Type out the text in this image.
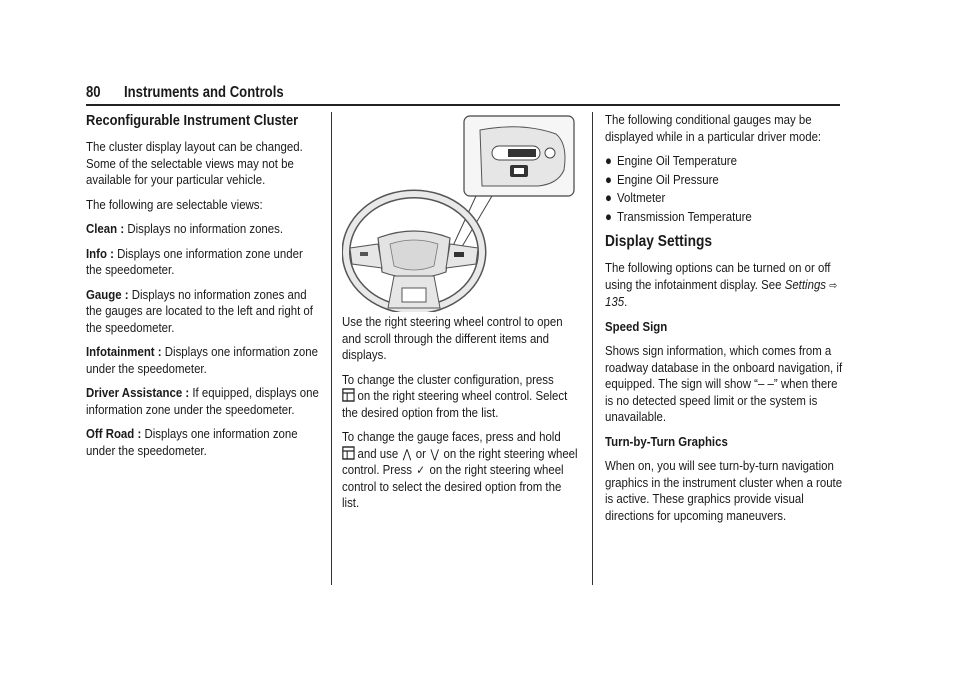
80 Instruments and Controls
Reconfigurable Instrument Cluster

The cluster display layout can be changed. Some of the selectable views may not be available for your particular vehicle.

The following are selectable views:

Clean : Displays no information zones.

Info : Displays one information zone under the speedometer.

Gauge : Displays no information zones and the gauges are located to the left and right of the speedometer.

Infotainment : Displays one information zone under the speedometer.

Driver Assistance : If equipped, displays one information zone under the speedometer.

Off Road : Displays one information zone under the speedometer.

Use the right steering wheel control to open and scroll through the different items and displays.

To change the cluster configuration, press
on the right steering wheel control. Select the desired option from the list.

To change the gauge faces, press and hold
and use ⋀ or ⋁ on the right steering wheel control. Press ✓ on the right steering wheel control to select the desired option from the list.

The following conditional gauges may be displayed while in a particular driver mode:

● Engine Oil Temperature
● Engine Oil Pressure
● Voltmeter
● Transmission Temperature
Display Settings

The following options can be turned on or off using the infotainment display. See Settings ⇨ 135.

Speed Sign

Shows sign information, which comes from a roadway database in the onboard navigation, if equipped. The sign will show “– –” when there is no detected speed limit or the system is unavailable.

Turn-by-Turn Graphics

When on, you will see turn-by-turn navigation graphics in the instrument cluster when a route is active. These graphics provide visual directions for upcoming maneuvers.
